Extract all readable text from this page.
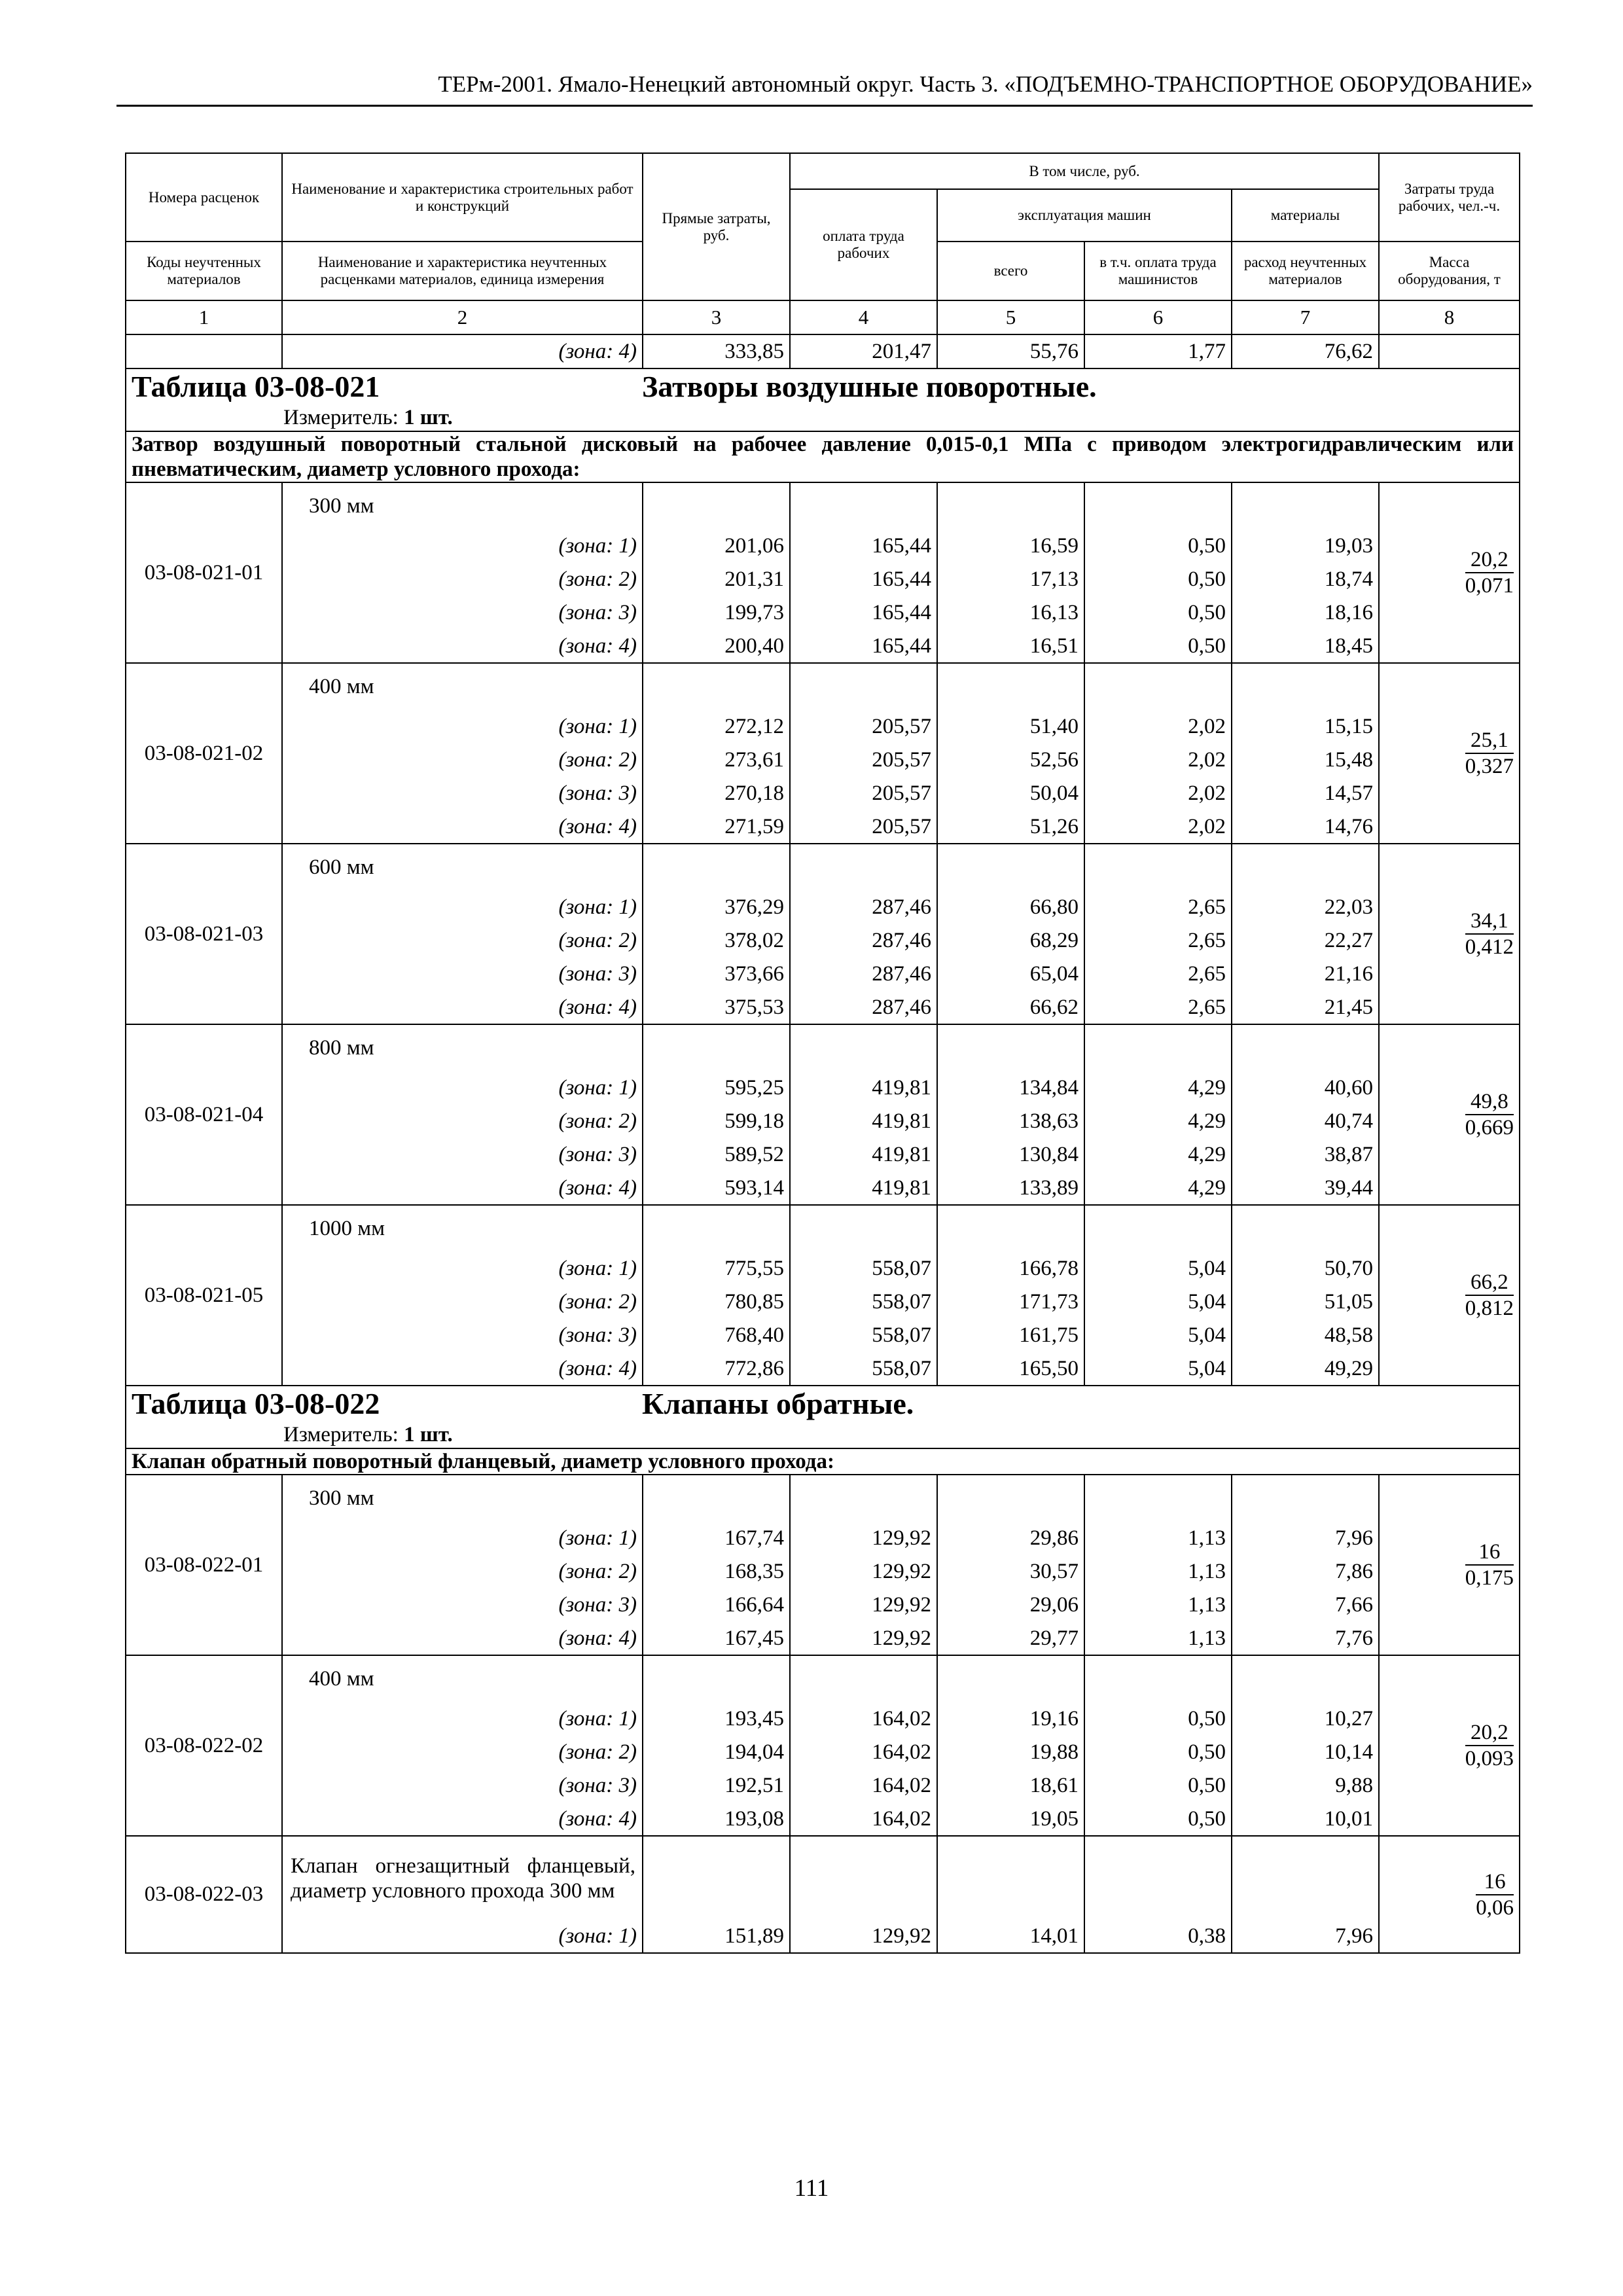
ТЕРм-2001. Ямало-Ненецкий автономный округ. Часть 3. «ПОДЪЕМНО-ТРАНСПОРТНОЕ ОБОРУДОВАНИЕ»
Номера расценок	Наименование и характеристика строительных работ и конструкций	Прямые затраты, руб.	В том числе, руб.				Затраты труда рабочих, чел.-ч.
			оплата труда рабочих	эксплуатация машин		материалы	
Коды неучтенных материалов	Наименование и характеристика неучтенных расценками материалов, единица измерения			всего	в т.ч. оплата труда машинистов	расход неучтенных материалов	Масса оборудования, т
1	2	3	4	5	6	7	8
	(зона: 4)	333,85	201,47	55,76	1,77	76,62	

Таблица 03-08-021 Затворы воздушные поворотные.
Измеритель: 1 шт.							

Затвор воздушный поворотный стальной дисковый на рабочее давление 0,015-0,1 МПа с приводом электрогидравлическим или пневматическим, диаметр условного прохода:							
03-08-021-01	300 мм						$\frac{20,2}{0,071}$

	(зона: 1)	201,06	165,44	16,59	0,50	19,03	
	(зона: 2)	201,31	165,44	17,13	0,50	18,74	
	(зона: 3)	199,73	165,44	16,13	0,50	18,16	
	(зона: 4)	200,40	165,44	16,51	0,50	18,45	
03-08-021-02	400 мм						$\frac{25,1}{0,327}$

	(зона: 1)	272,12	205,57	51,40	2,02	15,15	
	(зона: 2)	273,61	205,57	52,56	2,02	15,48	
	(зона: 3)	270,18	205,57	50,04	2,02	14,57	
	(зона: 4)	271,59	205,57	51,26	2,02	14,76	
03-08-021-03	600 мм						$\frac{34,1}{0,412}$

	(зона: 1)	376,29	287,46	66,80	2,65	22,03	
	(зона: 2)	378,02	287,46	68,29	2,65	22,27	
	(зона: 3)	373,66	287,46	65,04	2,65	21,16	
	(зона: 4)	375,53	287,46	66,62	2,65	21,45	
03-08-021-04	800 мм						$\frac{49,8}{0,669}$

	(зона: 1)	595,25	419,81	134,84	4,29	40,60	
	(зона: 2)	599,18	419,81	138,63	4,29	40,74	
	(зона: 3)	589,52	419,81	130,84	4,29	38,87	
	(зона: 4)	593,14	419,81	133,89	4,29	39,44	
03-08-021-05	1000 мм						$\frac{66,2}{0,812}$

	(зона: 1)	775,55	558,07	166,78	5,04	50,70	
	(зона: 2)	780,85	558,07	171,73	5,04	51,05	
	(зона: 3)	768,40	558,07	161,75	5,04	48,58	
	(зона: 4)	772,86	558,07	165,50	5,04	49,29	

Таблица 03-08-022 Клапаны обратные.
Измеритель: 1 шт.							

Клапан обратный поворотный фланцевый, диаметр условного прохода:							
03-08-022-01	300 мм						$\frac{16}{0,175}$

	(зона: 1)	167,74	129,92	29,86	1,13	7,96	
	(зона: 2)	168,35	129,92	30,57	1,13	7,86	
	(зона: 3)	166,64	129,92	29,06	1,13	7,66	
	(зона: 4)	167,45	129,92	29,77	1,13	7,76	
03-08-022-02	400 мм						$\frac{20,2}{0,093}$

	(зона: 1)	193,45	164,02	19,16	0,50	10,27	
	(зона: 2)	194,04	164,02	19,88	0,50	10,14	
	(зона: 3)	192,51	164,02	18,61	0,50	9,88	
	(зона: 4)	193,08	164,02	19,05	0,50	10,01	
03-08-022-03	Клапан огнезащитный фланцевый, диаметр условного прохода 300 мм						$\frac{16}{0,06}$

	(зона: 1)	151,89	129,92	14,01	0,38	7,96	
111
